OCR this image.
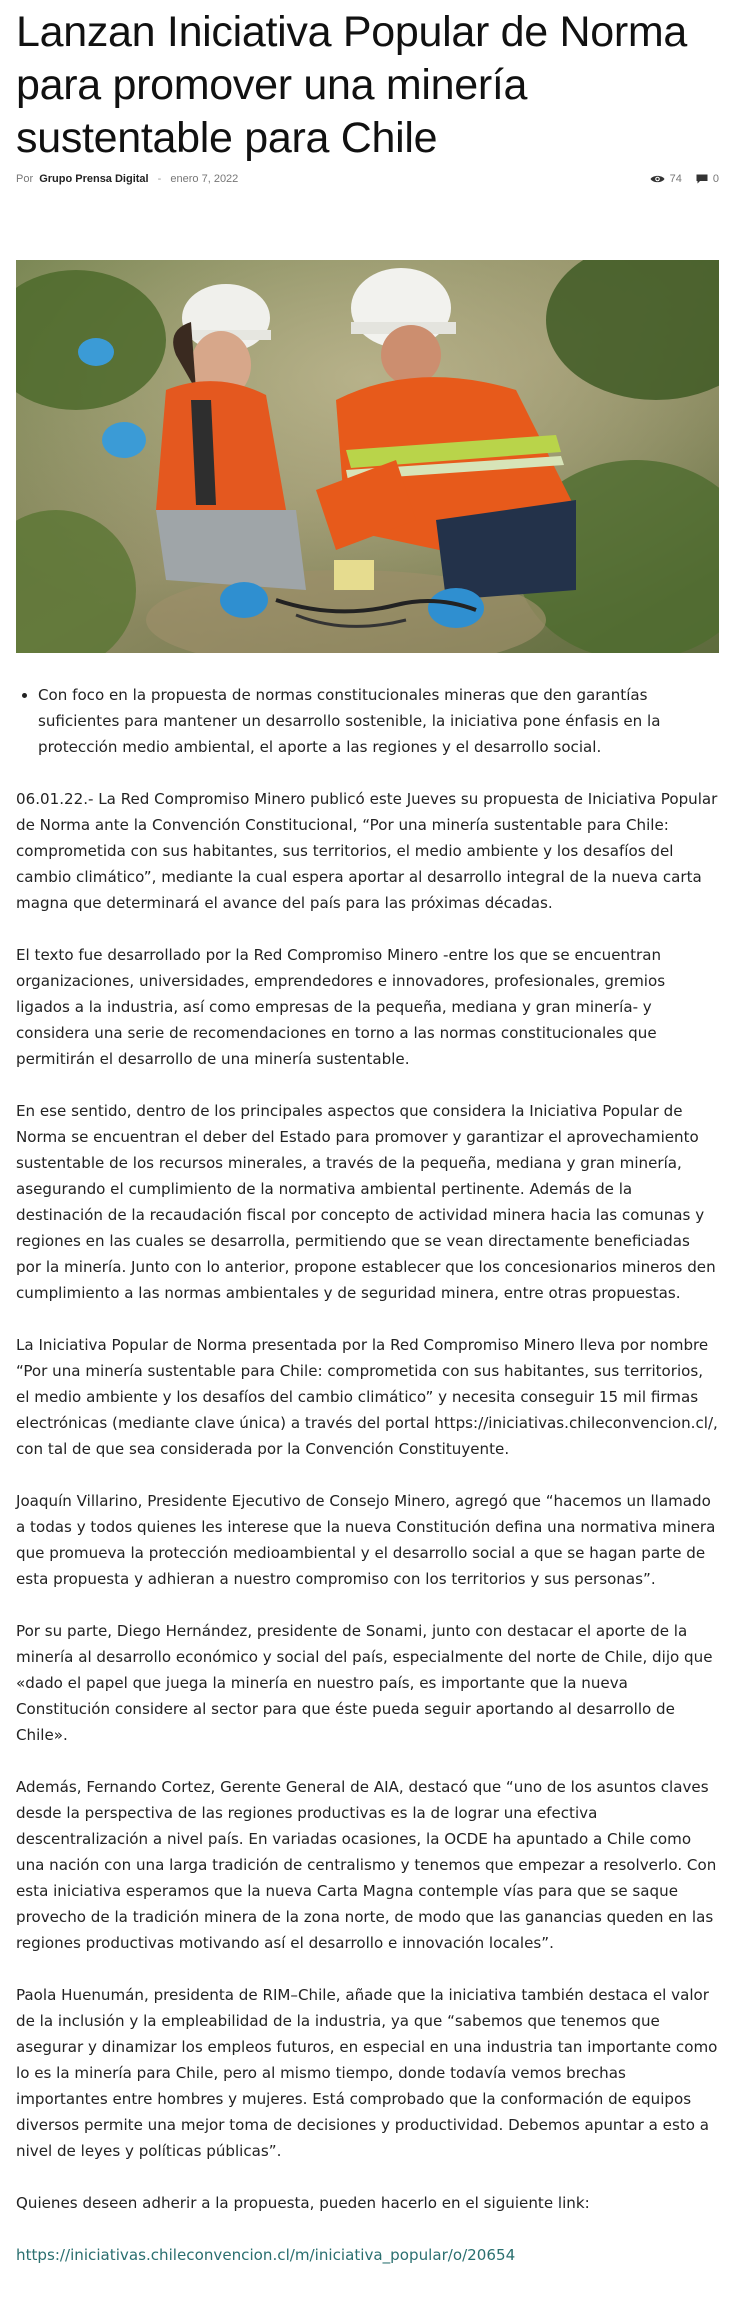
Lanzan Iniciativa Popular de Norma para promover una minería sustentable para Chile
Por Grupo Prensa Digital - enero 7, 2022	74	0
• Con foco en la propuesta de normas constitucionales mineras que den garantías suficientes para mantener un desarrollo sostenible, la iniciativa pone énfasis en la protección medio ambiental, el aporte a las regiones y el desarrollo social.

06.01.22.- La Red Compromiso Minero publicó este Jueves su propuesta de Iniciativa Popular de Norma ante la Convención Constitucional, “Por una minería sustentable para Chile: comprometida con sus habitantes, sus territorios, el medio ambiente y los desafíos del cambio climático”, mediante la cual espera aportar al desarrollo integral de la nueva carta magna que determinará el avance del país para las próximas décadas.

El texto fue desarrollado por la Red Compromiso Minero -entre los que se encuentran organizaciones, universidades, emprendedores e innovadores, profesionales, gremios ligados a la industria, así como empresas de la pequeña, mediana y gran minería- y considera una serie de recomendaciones en torno a las normas constitucionales que permitirán el desarrollo de una minería sustentable.

En ese sentido, dentro de los principales aspectos que considera la Iniciativa Popular de Norma se encuentran el deber del Estado para promover y garantizar el aprovechamiento sustentable de los recursos minerales, a través de la pequeña, mediana y gran minería, asegurando el cumplimiento de la normativa ambiental pertinente. Además de la destinación de la recaudación fiscal por concepto de actividad minera hacia las comunas y regiones en las cuales se desarrolla, permitiendo que se vean directamente beneficiadas por la minería. Junto con lo anterior, propone establecer que los concesionarios mineros den cumplimiento a las normas ambientales y de seguridad minera, entre otras propuestas.

La Iniciativa Popular de Norma presentada por la Red Compromiso Minero lleva por nombre “Por una minería sustentable para Chile: comprometida con sus habitantes, sus territorios, el medio ambiente y los desafíos del cambio climático” y necesita conseguir 15 mil firmas electrónicas (mediante clave única) a través del portal https://iniciativas.chileconvencion.cl/, con tal de que sea considerada por la Convención Constituyente.

Joaquín Villarino, Presidente Ejecutivo de Consejo Minero, agregó que “hacemos un llamado a todas y todos quienes les interese que la nueva Constitución defina una normativa minera que promueva la protección medioambiental y el desarrollo social a que se hagan parte de esta propuesta y adhieran a nuestro compromiso con los territorios y sus personas”.

Por su parte, Diego Hernández, presidente de Sonami, junto con destacar el aporte de la minería al desarrollo económico y social del país, especialmente del norte de Chile, dijo que «dado el papel que juega la minería en nuestro país, es importante que la nueva Constitución considere al sector para que éste pueda seguir aportando al desarrollo de Chile».

Además, Fernando Cortez, Gerente General de AIA, destacó que “uno de los asuntos claves desde la perspectiva de las regiones productivas es la de lograr una efectiva descentralización a nivel país. En variadas ocasiones, la OCDE ha apuntado a Chile como una nación con una larga tradición de centralismo y tenemos que empezar a resolverlo. Con esta iniciativa esperamos que la nueva Carta Magna contemple vías para que se saque provecho de la tradición minera de la zona norte, de modo que las ganancias queden en las regiones productivas motivando así el desarrollo e innovación locales”.

Paola Huenumán, presidenta de RIM–Chile, añade que la iniciativa también destaca el valor de la inclusión y la empleabilidad de la industria, ya que “sabemos que tenemos que asegurar y dinamizar los empleos futuros, en especial en una industria tan importante como lo es la minería para Chile, pero al mismo tiempo, donde todavía vemos brechas importantes entre hombres y mujeres. Está comprobado que la conformación de equipos diversos permite una mejor toma de decisiones y productividad. Debemos apuntar a esto a nivel de leyes y políticas públicas”.

Quienes deseen adherir a la propuesta, pueden hacerlo en el siguiente link:

https://iniciativas.chileconvencion.cl/m/iniciativa_popular/o/20654
